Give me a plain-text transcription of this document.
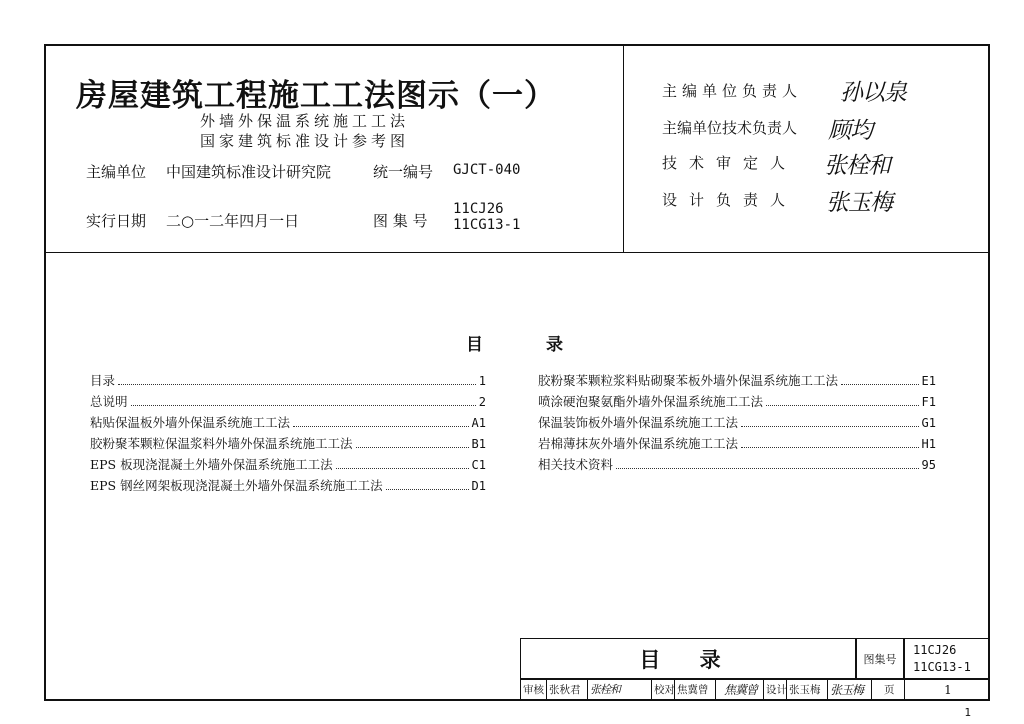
房屋建筑工程施工工法图示（一）
外墙外保温系统施工工法
国家建筑标准设计参考图
主编单位 中国建筑标准设计研究院	统一编号 GJCT-040
实行日期 二○一二年四月一日	图 集 号
11CJ26
11CG13-1
主编单位负责人 孙以泉
主编单位技术负责人 顾均
技术审定人 张栓和
设计负责人 张玉梅
目	录
目录	1
总说明	2
粘贴保温板外墙外保温系统施工工法	A1
胶粉聚苯颗粒保温浆料外墙外保温系统施工工法	B1
EPS 板现浇混凝土外墙外保温系统施工工法	C1
EPS 钢丝网架板现浇混凝土外墙外保温系统施工工法	D1
胶粉聚苯颗粒浆料贴砌聚苯板外墙外保温系统施工工法	E1
喷涂硬泡聚氨酯外墙外保温系统施工工法	F1
保温装饰板外墙外保温系统施工工法	G1
岩棉薄抹灰外墙外保温系统施工工法	H1
相关技术资料	95
目 录	图集号
11CJ26
11CG13-1
审核 张秋君 张栓和	校对 焦冀曾	焦冀曾 设计 张玉梅 张玉梅	页	1
1
